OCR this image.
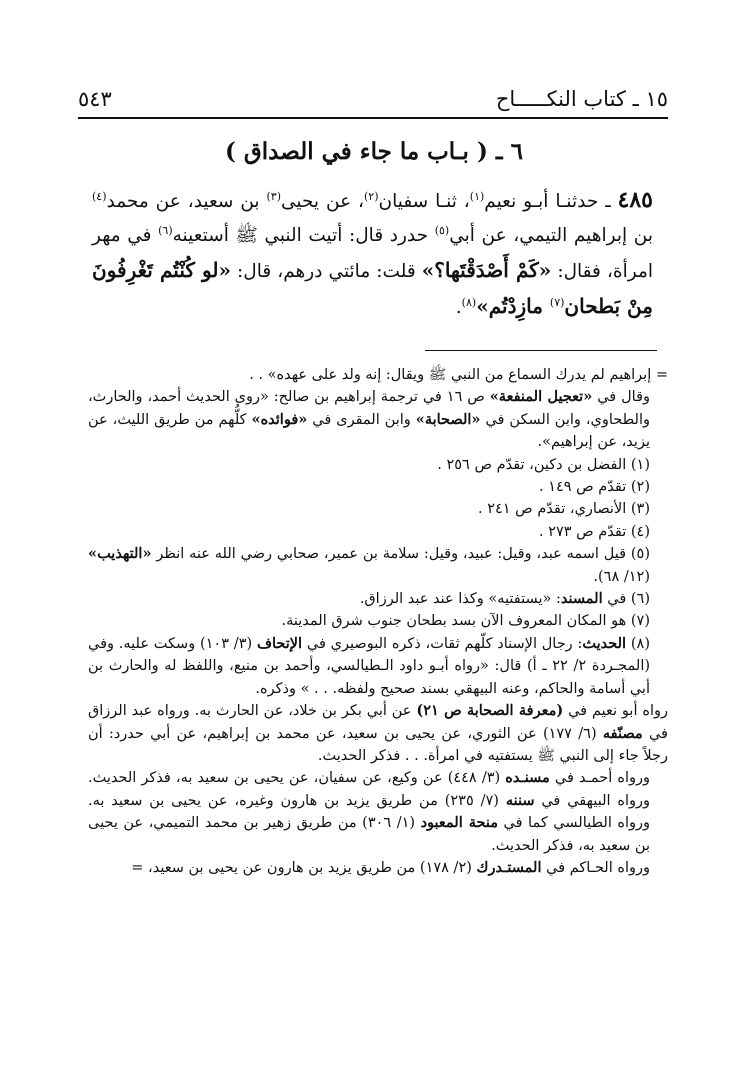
١٥ ـ كتاب النكـــــاح
٥٤٣
٦ ـ ( بـاب ما جاء في الصداق )
٤٨٥ ـ حدثنـا أبـو نعيم$^{(١)}$، ثنـا سفيان$^{(٢)}$، عن يحيى$^{(٣)}$ بن سعيد، عن محمد$^{(٤)}$ بن إبراهيم التيمي، عن أبي$^{(٥)}$ حدرد قال: أتيت النبي ﷺ أستعينه$^{(٦)}$ في مهر امرأة، فقال: «كَمْ أَصْدَقْتَها؟» قلت: مائتي درهم، قال: «لو كُنْتُم تَغْرِفُونَ مِنْ بَطحان$^{(٧)}$ مازِدْتُم»$^{(٨)}$.

= إبراهيم لم يدرك السماع من النبي ﷺ ويقال: إنه ولد على عهده» . .

وقال في «تعجيل المنفعة» ص ١٦ في ترجمة إبراهيم بن صالح: «روى الحديث أحمد، والحارث، والطحاوي، وابن السكن في «الصحابة» وابن المقرى في «فوائده» كلُّهم من طريق الليث، عن يزيد، عن إبراهيم».

(١) الفضل بن دكين، تقدّم ص ٢٥٦ .

(٢) تقدّم ص ١٤٩ .

(٣) الأنصاري، تقدّم ص ٢٤١ .

(٤) تقدّم ص ٢٧٣ .

(٥) قيل اسمه عبد، وقيل: عبيد، وقيل: سلامة بن عمير، صحابي رضي الله عنه انظر «التهذيب» (١٢/ ٦٨).

(٦) في المسند: «يستفتيه» وكذا عند عبد الرزاق.

(٧) هو المكان المعروف الآن بسد بطحان جنوب شرق المدينة.

(٨) الحديث: رجال الإسناد كلّهم ثقات، ذكره البوصيري في الإتحاف (٣/ ١٠٣) وسكت عليه. وفي (المجـردة ٢/ ٢٢ ـ أ) قال: «رواه أبـو داود الـطيالسي، وأحمد بن منيع، واللفظ له والحارث بن أبي أسامة والحاكم، وعنه البيهقي بسند صحيح ولفظه. . . » وذكره.

رواه أبو نعيم في (معرفة الصحابة ص ٢١) عن أبي بكر بن خلاد، عن الحارث به. ورواه عبد الرزاق في مصنّفه (٦/ ١٧٧) عن الثوري، عن يحيى بن سعيد، عن محمد بن إبراهيم، عن أبي حدرد: أن رجلاً جاء إلى النبي ﷺ يستفتيه في امرأة. . . فذكر الحديث.

ورواه أحمـد في مسنـده (٣/ ٤٤٨) عن وكيع، عن سفيان، عن يحيى بن سعيد به، فذكر الحديث. ورواه البيهقي في سننه (٧/ ٢٣٥) من طريق يزيد بن هارون وغيره، عن يحيى بن سعيد به. ورواه الطيالسي كما في منحة المعبود (١/ ٣٠٦) من طريق زهير بن محمد التميمي، عن يحيى بن سعيد به، فذكر الحديث.

ورواه الحـاكم في المستـدرك (٢/ ١٧٨) من طريق يزيد بن هارون عن يحيى بن سعيد، =
